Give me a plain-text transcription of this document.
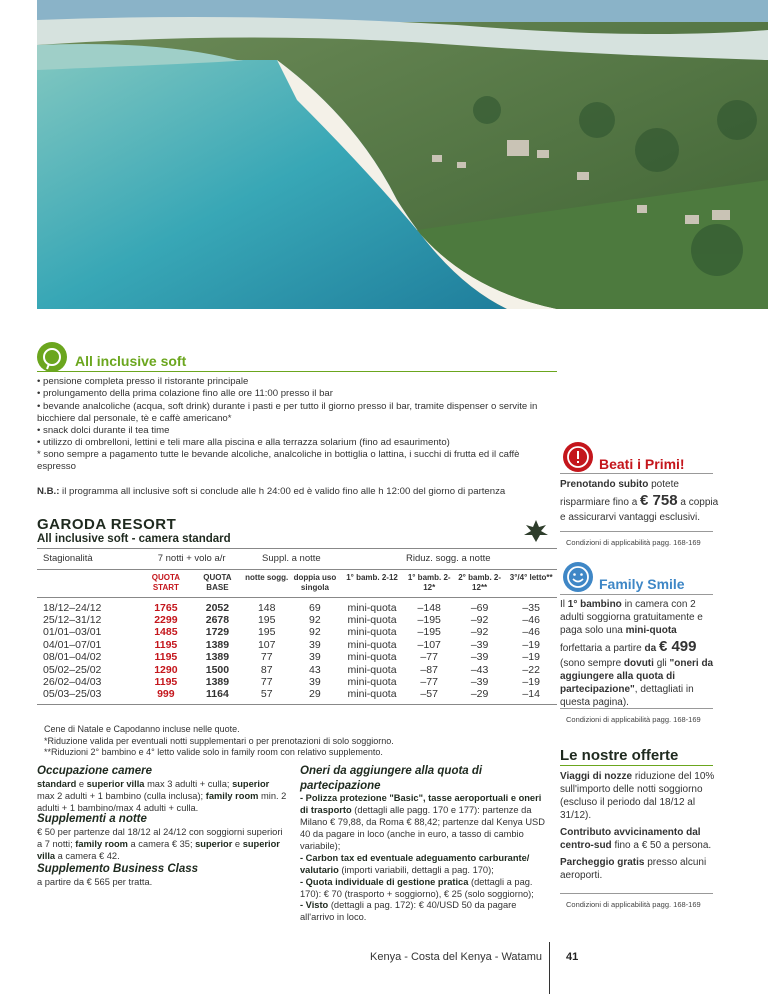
All inclusive soft
• pensione completa presso il ristorante principale
• prolungamento della prima colazione fino alle ore 11:00 presso il bar
• bevande analcoliche (acqua, soft drink) durante i pasti e per tutto il giorno presso il bar, tramite dispenser o servite in bicchiere dal personale, tè e caffè americano*
• snack dolci durante il tea time
• utilizzo di ombrelloni, lettini e teli mare alla piscina e alla terrazza solarium (fino ad esaurimento)
* sono sempre a pagamento tutte le bevande alcoliche, analcoliche in bottiglia o lattina, i succhi di frutta ed il caffè espresso
N.B.: il programma all inclusive soft si conclude alle h 24:00 ed è valido fino alle h 12:00 del giorno di partenza
GARODA RESORT
All inclusive soft - camera standard
Stagionalità	7 notti + volo a/r		Suppl. a notte		Riduz. sogg. a notte			
	QUOTA START	QUOTA BASE	notte sogg.	doppia uso singola	1° bamb. 2-12	1° bamb. 2-12*	2° bamb. 2-12**	3°/4° letto**
18/12–24/12	1765	2052	148	69	mini-quota	–148	–69	–35
25/12–31/12	2299	2678	195	92	mini-quota	–195	–92	–46
01/01–03/01	1485	1729	195	92	mini-quota	–195	–92	–46
04/01–07/01	1195	1389	107	39	mini-quota	–107	–39	–19
08/01–04/02	1195	1389	77	39	mini-quota	–77	–39	–19
05/02–25/02	1290	1500	87	43	mini-quota	–87	–43	–22
26/02–04/03	1195	1389	77	39	mini-quota	–77	–39	–19
05/03–25/03	999	1164	57	29	mini-quota	–57	–29	–14
Cene di Natale e Capodanno incluse nelle quote.
*Riduzione valida per eventuali notti supplementari o per prenotazioni di solo soggiorno.
**Riduzioni 2° bambino e 4° letto valide solo in family room con relativo supplemento.
Occupazione camere
standard e superior villa max 3 adulti + culla; superior max 2 adulti + 1 bambino (culla inclusa); family room min. 2 adulti + 1 bambino/max 4 adulti + culla.
Supplementi a notte
€ 50 per partenze dal 18/12 al 24/12 con soggiorni superiori a 7 notti; family room a camera € 35; superior e superior villa a camera € 42.
Supplemento Business Class
a partire da € 565 per tratta.
Oneri da aggiungere alla quota di partecipazione
- Polizza protezione "Basic", tasse aeroportuali e oneri di trasporto (dettagli alle pagg. 170 e 177): partenze da Milano € 79,88, da Roma € 88,42; partenze dal Kenya USD 40 da pagare in loco (anche in euro, a tasso di cambio variabile);
- Carbon tax ed eventuale adeguamento carburante/ valutario (importi variabili, dettagli a pag. 170);
- Quota individuale di gestione pratica (dettagli a pag. 170): € 70 (trasporto + soggiorno), € 25 (solo soggiorno);
- Visto (dettagli a pag. 172): € 40/USD 50 da pagare all'arrivo in loco.
Beati i Primi!
Prenotando subito potete risparmiare fino a € 758 a coppia e assicurarvi vantaggi esclusivi.
Condizioni di applicabilità pagg. 168-169
Family Smile
Il 1° bambino in camera con 2 adulti soggiorna gratuitamente e paga solo una mini-quota forfettaria a partire da € 499 (sono sempre dovuti gli "oneri da aggiungere alla quota di partecipazione", dettagliati in questa pagina).
Condizioni di applicabilità pagg. 168-169
Le nostre offerte
Viaggi di nozze riduzione del 10% sull'importo delle notti soggiorno (escluso il periodo dal 18/12 al 31/12).
Contributo avvicinamento dal centro-sud fino a € 50 a persona.
Parcheggio gratis presso alcuni aeroporti.
Condizioni di applicabilità pagg. 168-169
Kenya - Costa del Kenya - Watamu 41
